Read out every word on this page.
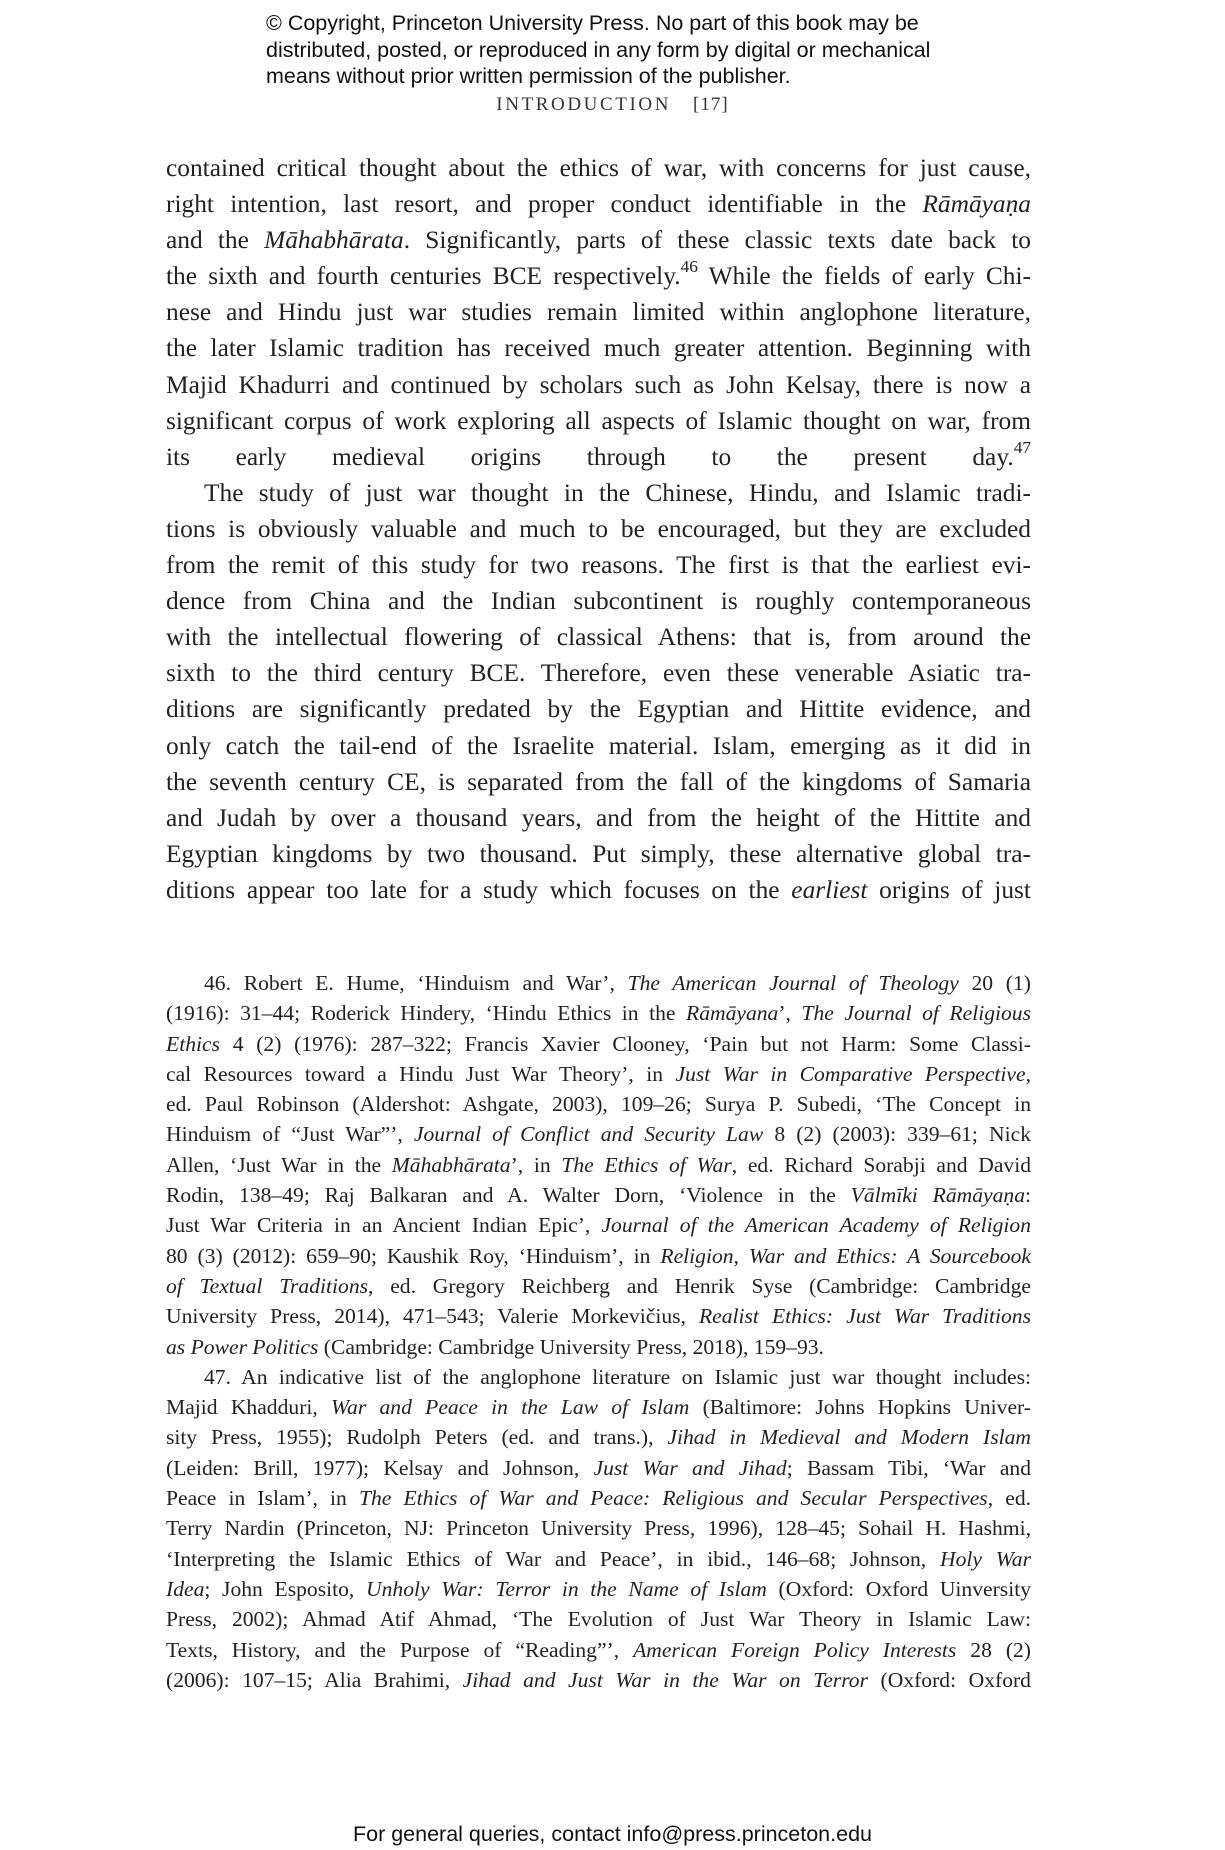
© Copyright, Princeton University Press. No part of this book may be
distributed, posted, or reproduced in any form by digital or mechanical
means without prior written permission of the publisher.
INTRODUCTION [17]

contained critical thought about the ethics of war, with concerns for just cause,
right intention, last resort, and proper conduct identifiable in the Rāmāyaṇa
and the Māhabhārata. Significantly, parts of these classic texts date back to
the sixth and fourth centuries BCE respectively.$^{46}$ While the fields of early Chi-
nese and Hindu just war studies remain limited within anglophone literature,
the later Islamic tradition has received much greater attention. Beginning with
Majid Khadurri and continued by scholars such as John Kelsay, there is now a
significant corpus of work exploring all aspects of Islamic thought on war, from
its early medieval origins through to the present day.$^{47}$

The study of just war thought in the Chinese, Hindu, and Islamic tradi-
tions is obviously valuable and much to be encouraged, but they are excluded
from the remit of this study for two reasons. The first is that the earliest evi-
dence from China and the Indian subcontinent is roughly contemporaneous
with the intellectual flowering of classical Athens: that is, from around the
sixth to the third century BCE. Therefore, even these venerable Asiatic tra-
ditions are significantly predated by the Egyptian and Hittite evidence, and
only catch the tail-end of the Israelite material. Islam, emerging as it did in
the seventh century CE, is separated from the fall of the kingdoms of Samaria
and Judah by over a thousand years, and from the height of the Hittite and
Egyptian kingdoms by two thousand. Put simply, these alternative global tra-
ditions appear too late for a study which focuses on the earliest origins of just

46. Robert E. Hume, ‘Hinduism and War’, The American Journal of Theology 20 (1)
(1916): 31–44; Roderick Hindery, ‘Hindu Ethics in the Rāmāyana’, The Journal of Religious
Ethics 4 (2) (1976): 287–322; Francis Xavier Clooney, ‘Pain but not Harm: Some Classi-
cal Resources toward a Hindu Just War Theory’, in Just War in Comparative Perspective,
ed. Paul Robinson (Aldershot: Ashgate, 2003), 109–26; Surya P. Subedi, ‘The Concept in
Hinduism of “Just War”’, Journal of Conflict and Security Law 8 (2) (2003): 339–61; Nick
Allen, ‘Just War in the Māhabhārata’, in The Ethics of War, ed. Richard Sorabji and David
Rodin, 138–49; Raj Balkaran and A. Walter Dorn, ‘Violence in the Vālmīki Rāmāyaṇa:
Just War Criteria in an Ancient Indian Epic’, Journal of the American Academy of Religion
80 (3) (2012): 659–90; Kaushik Roy, ‘Hinduism’, in Religion, War and Ethics: A Sourcebook
of Textual Traditions, ed. Gregory Reichberg and Henrik Syse (Cambridge: Cambridge
University Press, 2014), 471–543; Valerie Morkevičius, Realist Ethics: Just War Traditions
as Power Politics (Cambridge: Cambridge University Press, 2018), 159–93.
47. An indicative list of the anglophone literature on Islamic just war thought includes:
Majid Khadduri, War and Peace in the Law of Islam (Baltimore: Johns Hopkins Univer-
sity Press, 1955); Rudolph Peters (ed. and trans.), Jihad in Medieval and Modern Islam
(Leiden: Brill, 1977); Kelsay and Johnson, Just War and Jihad; Bassam Tibi, ‘War and
Peace in Islam’, in The Ethics of War and Peace: Religious and Secular Perspectives, ed.
Terry Nardin (Princeton, NJ: Princeton University Press, 1996), 128–45; Sohail H. Hashmi,
‘Interpreting the Islamic Ethics of War and Peace’, in ibid., 146–68; Johnson, Holy War
Idea; John Esposito, Unholy War: Terror in the Name of Islam (Oxford: Oxford Uinversity
Press, 2002); Ahmad Atif Ahmad, ‘The Evolution of Just War Theory in Islamic Law:
Texts, History, and the Purpose of “Reading”’, American Foreign Policy Interests 28 (2)
(2006): 107–15; Alia Brahimi, Jihad and Just War in the War on Terror (Oxford: Oxford
For general queries, contact info@press.princeton.edu
